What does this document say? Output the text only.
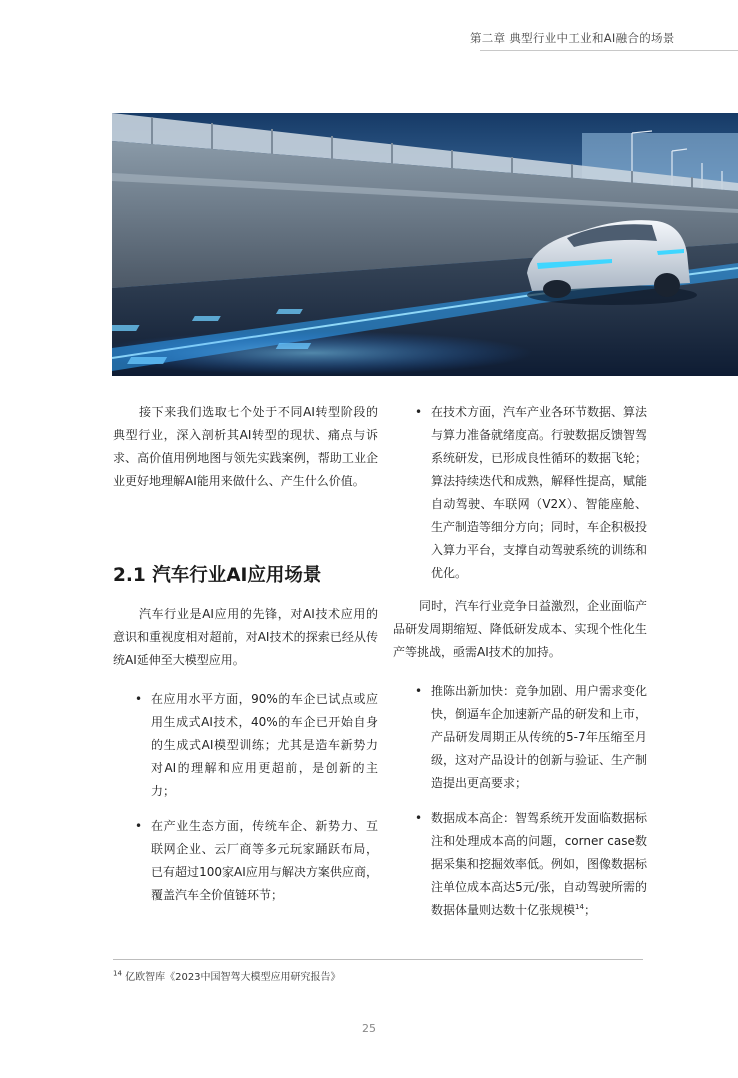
第二章 典型行业中工业和AI融合的场景

接下来我们选取七个处于不同AI转型阶段的典型行业，深入剖析其AI转型的现状、痛点与诉求、高价值用例地图与领先实践案例，帮助工业企业更好地理解AI能用来做什么、产生什么价值。

2.1 汽车行业AI应用场景

汽车行业是AI应用的先锋，对AI技术应用的意识和重视度相对超前，对AI技术的探索已经从传统AI延伸至大模型应用。

• 在应用水平方面，90%的车企已试点或应用生成式AI技术，40%的车企已开始自身的生成式AI模型训练；尤其是造车新势力对AI的理解和应用更超前，是创新的主力；
• 在产业生态方面，传统车企、新势力、互联网企业、云厂商等多元玩家踊跃布局，已有超过100家AI应用与解决方案供应商，覆盖汽车全价值链环节；
• 在技术方面，汽车产业各环节数据、算法与算力准备就绪度高。行驶数据反馈智驾系统研发，已形成良性循环的数据飞轮；算法持续迭代和成熟，解释性提高，赋能自动驾驶、车联网（V2X）、智能座舱、生产制造等细分方向；同时，车企积极投入算力平台，支撑自动驾驶系统的训练和优化。

同时，汽车行业竞争日益激烈，企业面临产品研发周期缩短、降低研发成本、实现个性化生产等挑战，亟需AI技术的加持。

• 推陈出新加快：竞争加剧、用户需求变化快，倒逼车企加速新产品的研发和上市，产品研发周期正从传统的5-7年压缩至月级，这对产品设计的创新与验证、生产制造提出更高要求；
• 数据成本高企：智驾系统开发面临数据标注和处理成本高的问题，corner case数据采集和挖掘效率低。例如，图像数据标注单位成本高达5元/张，自动驾驶所需的数据体量则达数十亿张规模$^{14}$；
$^{14}$ 亿欧智库《2023中国智驾大模型应用研究报告》
25
